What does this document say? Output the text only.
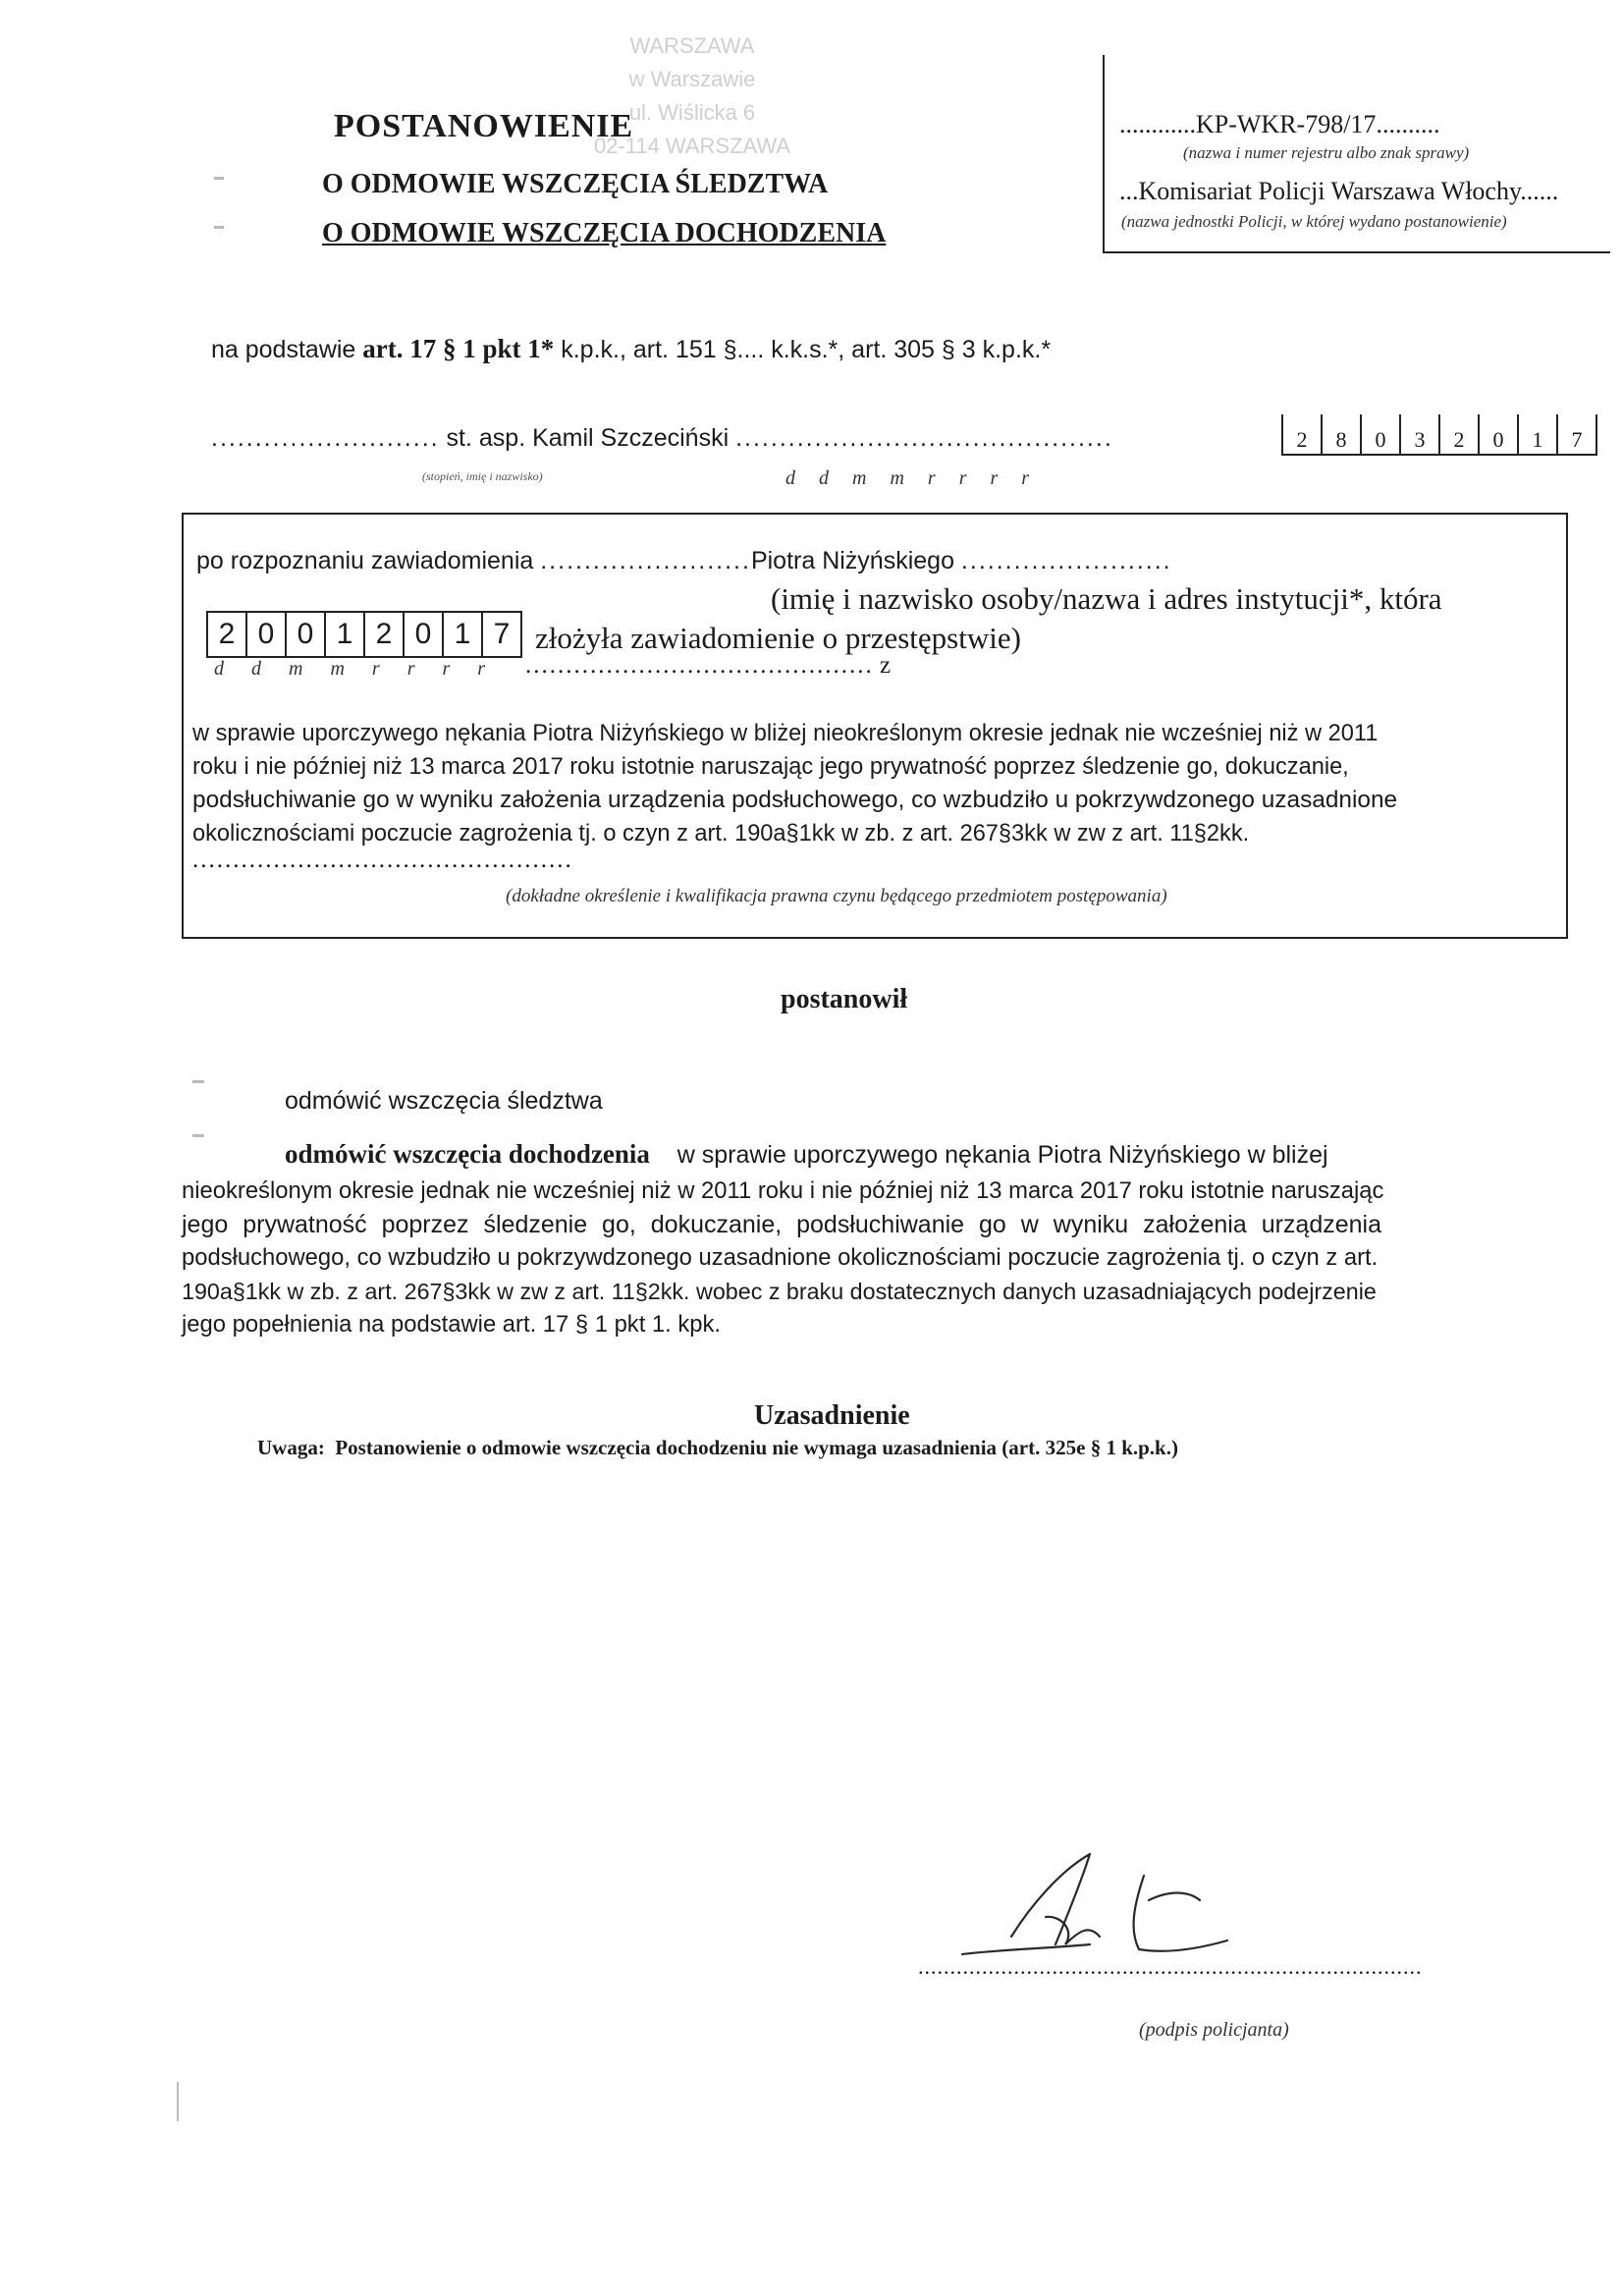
WARSZAWA
w Warszawie
ul. Wiślicka 6
02-114 WARSZAWA
POSTANOWIENIE
O ODMOWIE WSZCZĘCIA ŚLEDZTWA
O ODMOWIE WSZCZĘCIA DOCHODZENIA
............KP-WKR-798/17..........
(nazwa i numer rejestru albo znak sprawy)
...Komisariat Policji Warszawa Włochy......
(nazwa jednostki Policji, w której wydano postanowienie)
na podstawie art. 17 § 1 pkt 1* k.p.k., art. 151 §.... k.k.s.*, art. 305 § 3 k.p.k.*
.......................... st. asp. Kamil Szczeciński ...........................................
(stopień, imię i nazwisko)
2	8	0	3	2	0	1	7
ddmmrrrr
po rozpoznaniu zawiadomienia ........................Piotra Niżyńskiego ........................
(imię i nazwisko osoby/nazwa i adres instytucji*, która
2 0 0 1 2 0 1 7 złożyła zawiadomienie o przestępstwie)
ddmmrrrr ........................................... z
w sprawie uporczywego nękania Piotra Niżyńskiego w bliżej nieokreślonym okresie jednak nie wcześniej niż w 2011
roku i nie później niż 13 marca 2017 roku istotnie naruszając jego prywatność poprzez śledzenie go, dokuczanie,
podsłuchiwanie go w wyniku założenia urządzenia podsłuchowego, co wzbudziło u pokrzywdzonego uzasadnione
okolicznościami poczucie zagrożenia tj. o czyn z art. 190a§1kk w zb. z art. 267§3kk w zw z art. 11§2kk.
...............................................
(dokładne określenie i kwalifikacja prawna czynu będącego przedmiotem postępowania)
postanowił
odmówić wszczęcia śledztwa
odmówić wszczęcia dochodzenia w sprawie uporczywego nękania Piotra Niżyńskiego w bliżej
nieokreślonym okresie jednak nie wcześniej niż w 2011 roku i nie później niż 13 marca 2017 roku istotnie naruszając
jego prywatność poprzez śledzenie go, dokuczanie, podsłuchiwanie go w wyniku założenia urządzenia
podsłuchowego, co wzbudziło u pokrzywdzonego uzasadnione okolicznościami poczucie zagrożenia tj. o czyn z art.
190a§1kk w zb. z art. 267§3kk w zw z art. 11§2kk. wobec z braku dostatecznych danych uzasadniających podejrzenie
jego popełnienia na podstawie art. 17 § 1 pkt 1. kpk.
Uzasadnienie
Uwaga: Postanowienie o odmowie wszczęcia dochodzeniu nie wymaga uzasadnienia (art. 325e § 1 k.p.k.)
...............................................................................
(podpis policjanta)
